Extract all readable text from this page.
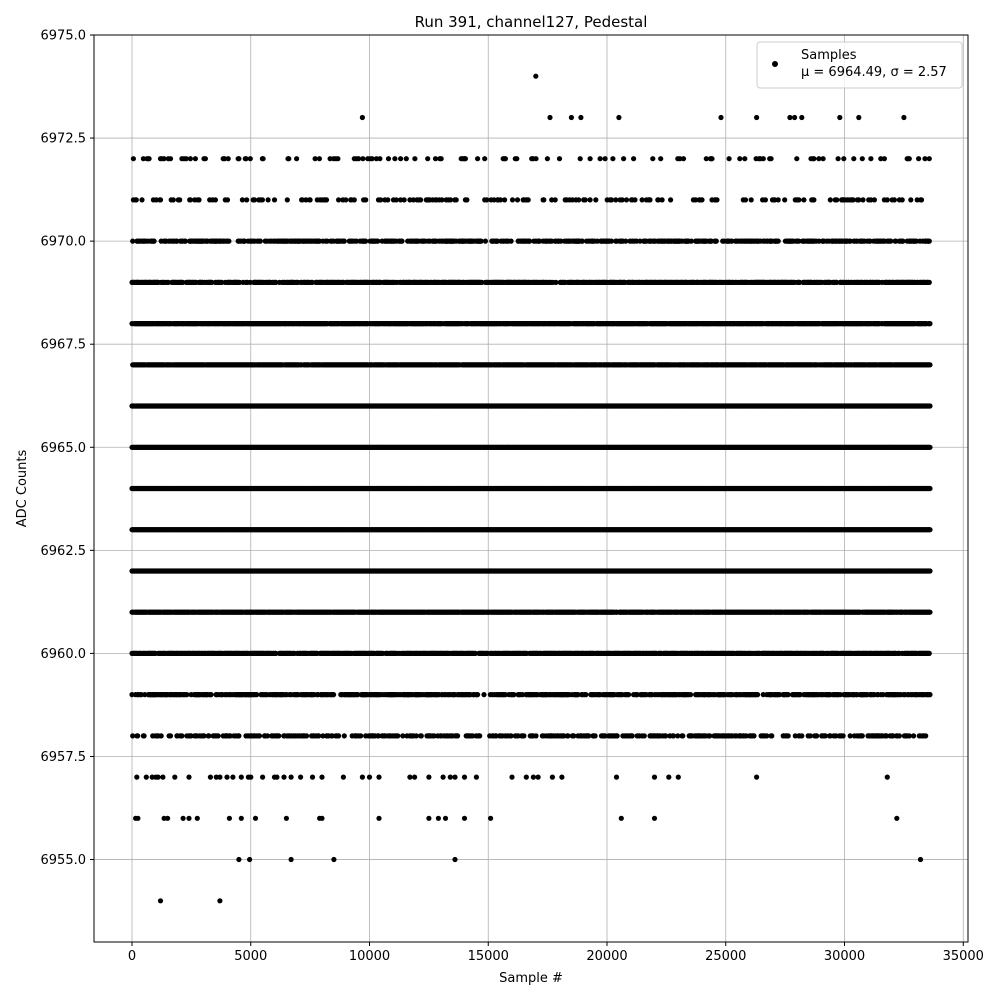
0	5000	10000	15000	20000	25000	30000	35000
6955.0
6957.5
6960.0
6962.5
6965.0
6967.5
6970.0
6972.5
6975.0
Run 391, channel127, Pedestal
Sample #
ADC Counts
Samples
μ = 6964.49, σ = 2.57
